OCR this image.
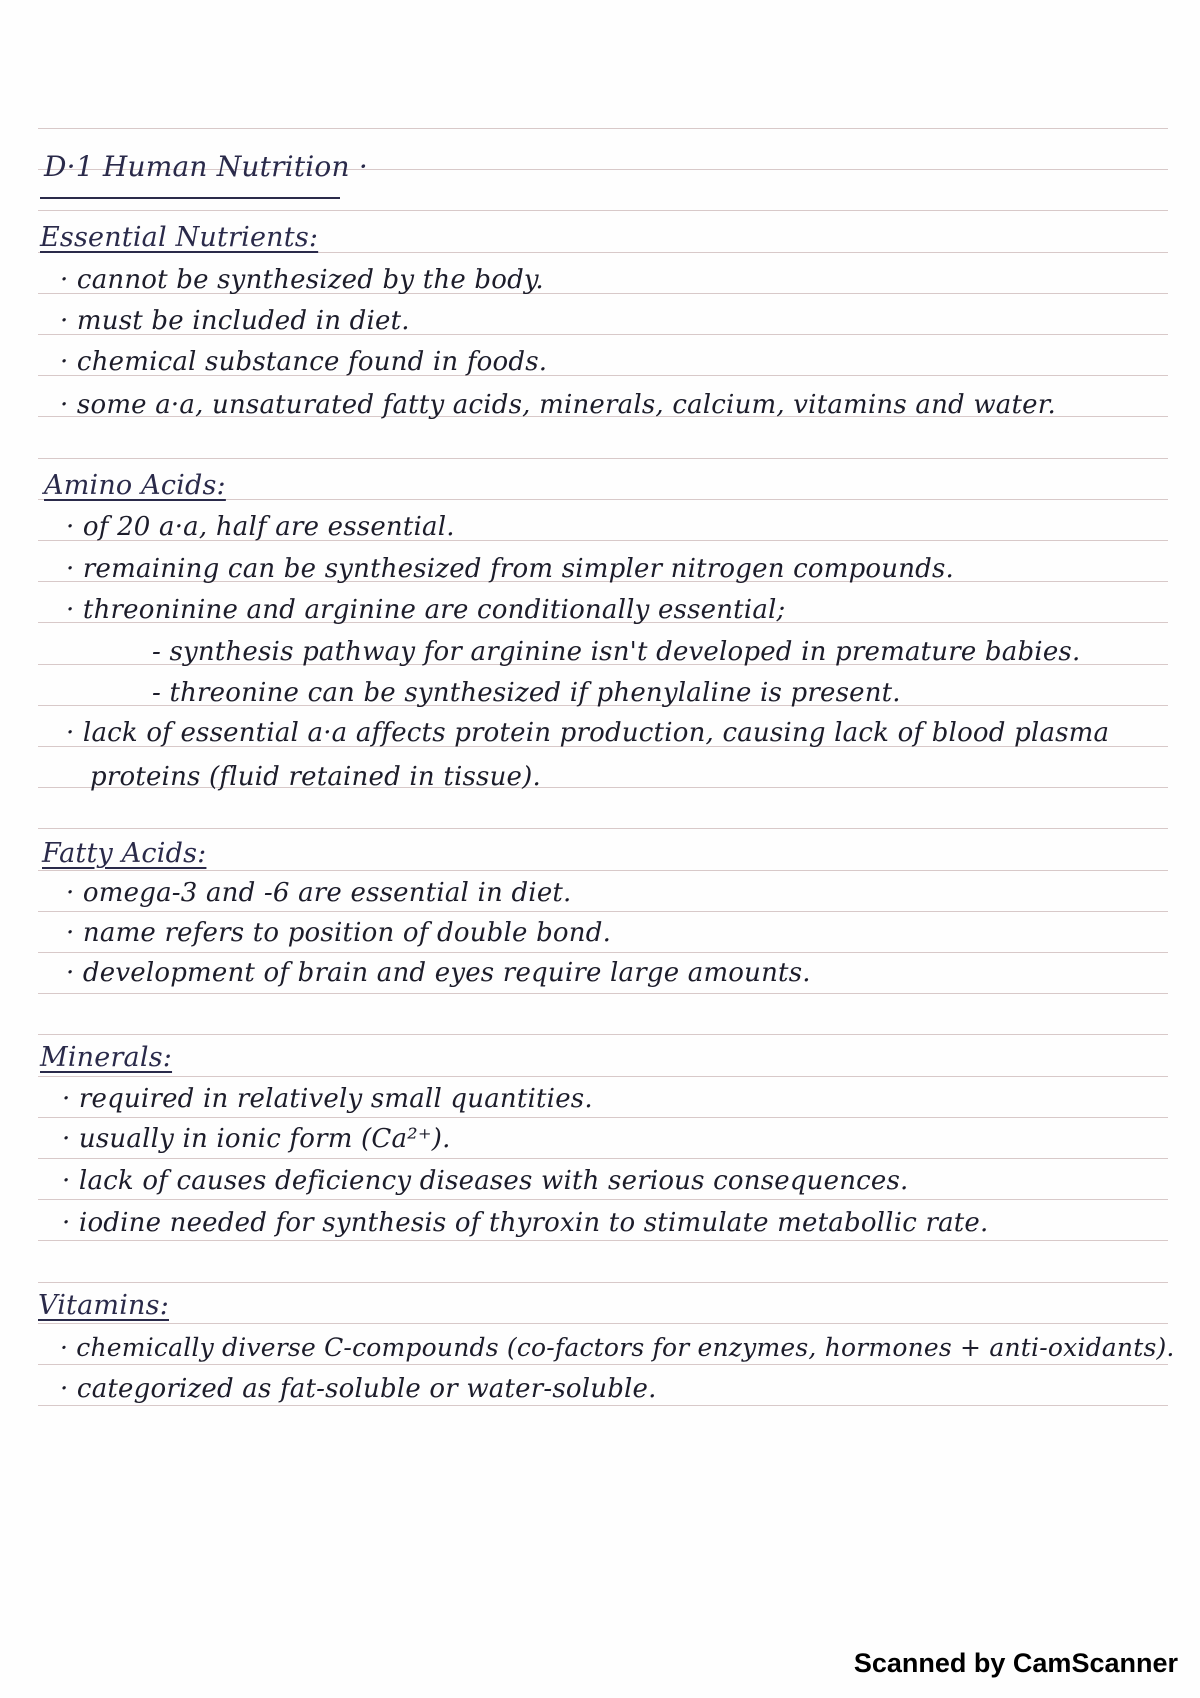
D·1 Human Nutrition ·
Essential Nutrients:
· cannot be synthesized by the body.
· must be included in diet.
· chemical substance found in foods.
· some a·a, unsaturated fatty acids, minerals, calcium, vitamins and water.
Amino Acids:
· of 20 a·a, half are essential.
· remaining can be synthesized from simpler nitrogen compounds.
· threoninine and arginine are conditionally essential;
- synthesis pathway for arginine isn't developed in premature babies.
- threonine can be synthesized if phenylaline is present.
· lack of essential a·a affects protein production, causing lack of blood plasma
proteins (fluid retained in tissue).
Fatty Acids:
· omega-3 and -6 are essential in diet.
· name refers to position of double bond.
· development of brain and eyes require large amounts.
Minerals:
· required in relatively small quantities.
· usually in ionic form (Ca²⁺).
· lack of causes deficiency diseases with serious consequences.
· iodine needed for synthesis of thyroxin to stimulate metabollic rate.
Vitamins:
· chemically diverse C-compounds (co-factors for enzymes, hormones + anti-oxidants).
· categorized as fat-soluble or water-soluble.
Scanned by CamScanner
